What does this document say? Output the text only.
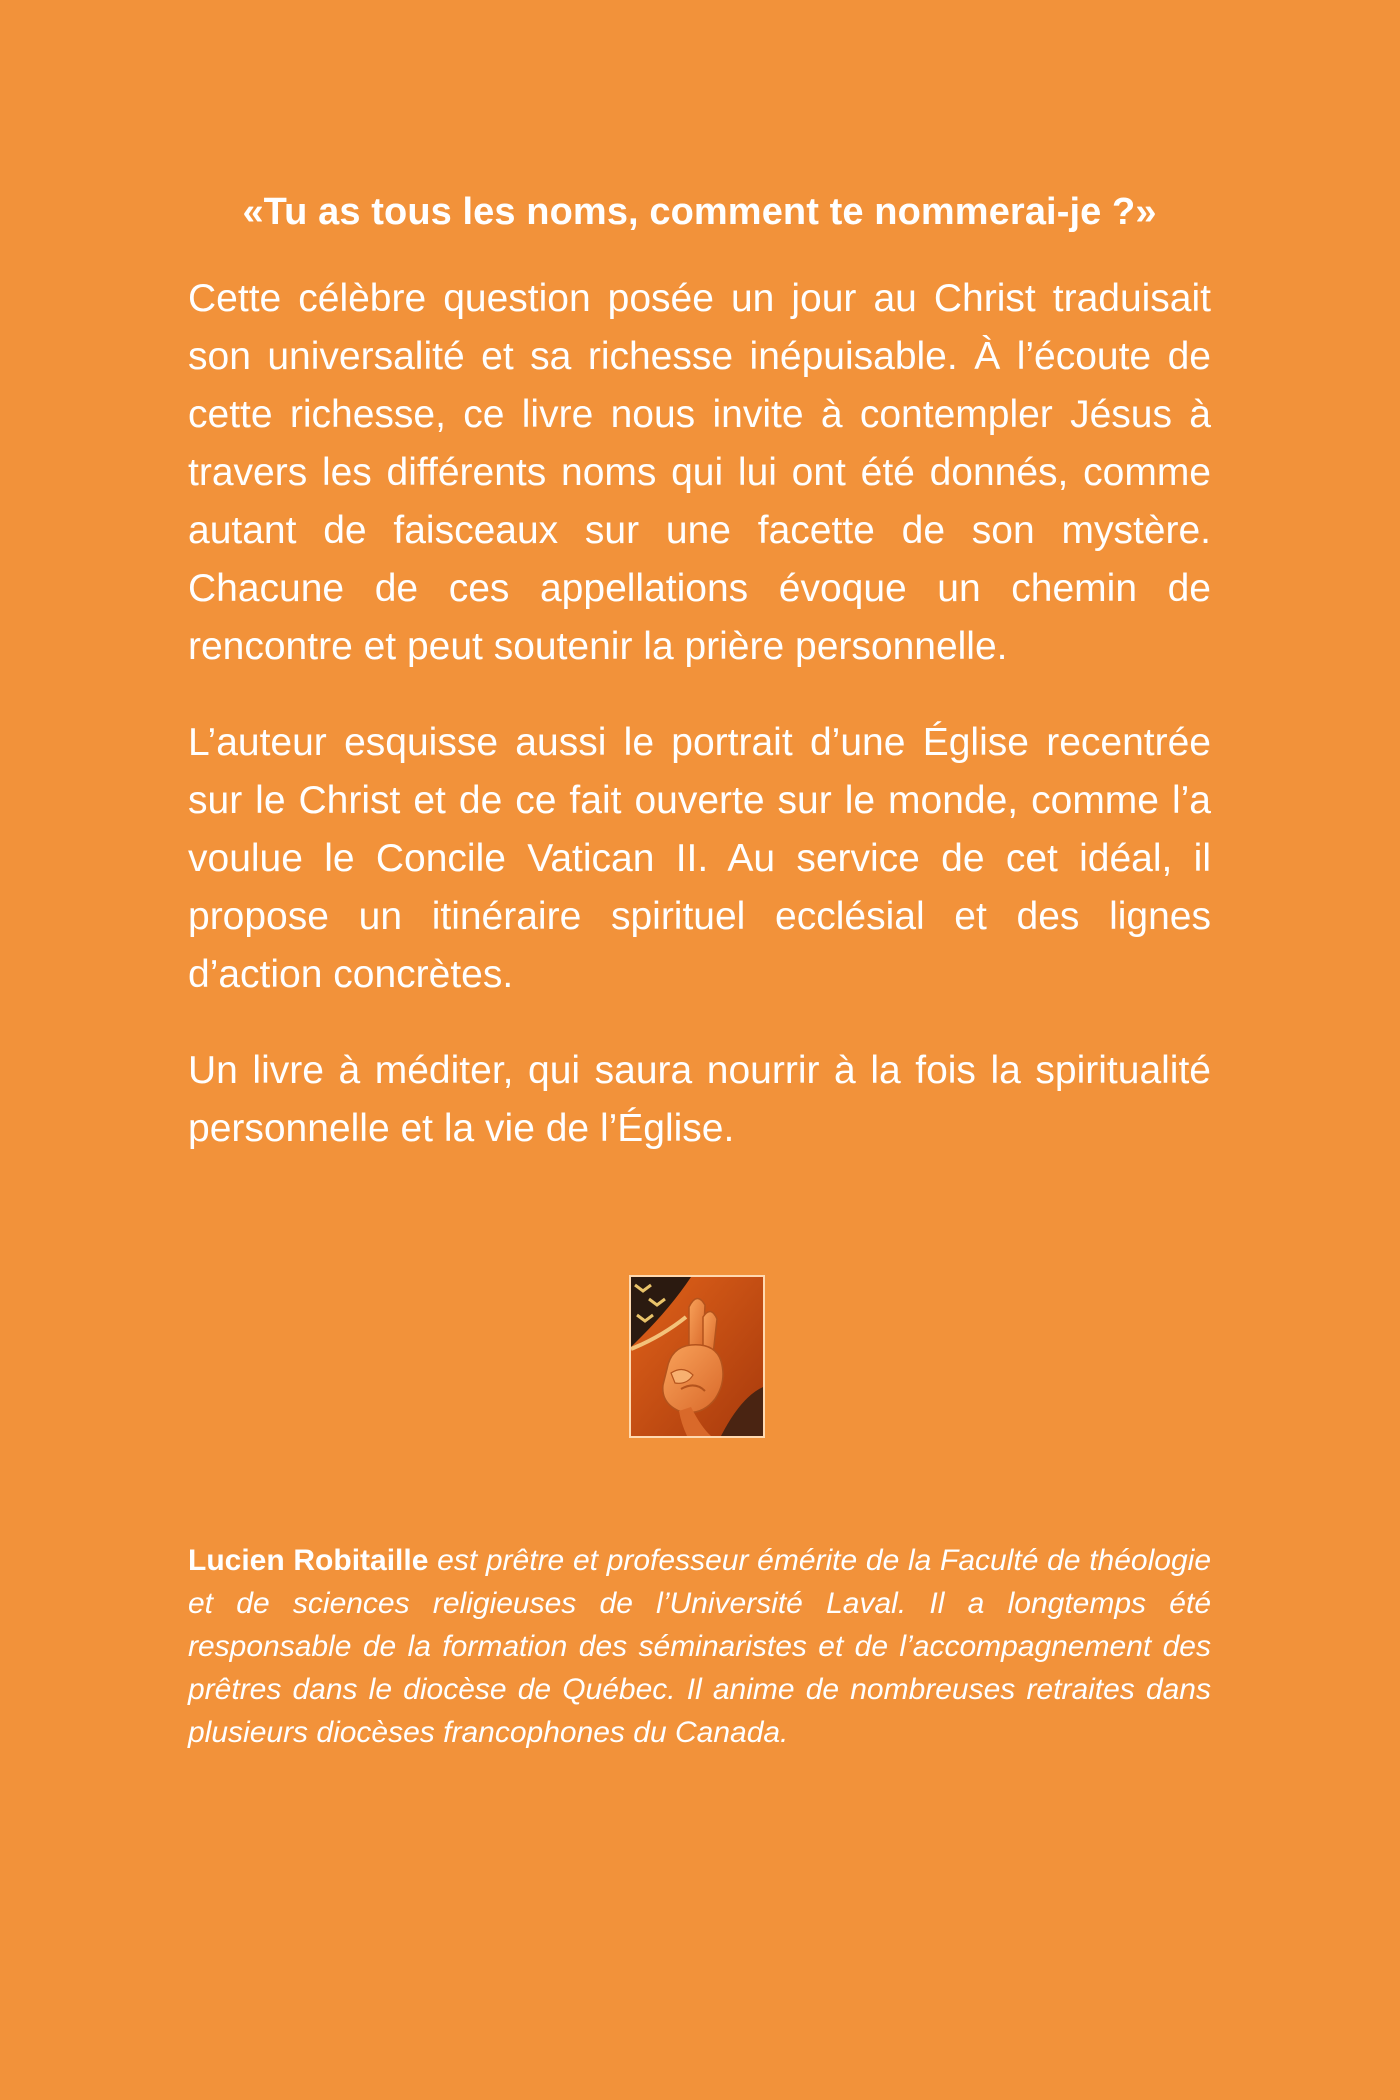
«Tu as tous les noms, comment te nommerai-je ?»

Cette célèbre question posée un jour au Christ traduisait son universalité et sa richesse inépuisable. À l’écoute de cette richesse, ce livre nous invite à contempler Jésus à travers les différents noms qui lui ont été donnés, comme autant de faisceaux sur une facette de son mystère. Chacune de ces appellations évoque un chemin de rencontre et peut soutenir la prière personnelle.

L’auteur esquisse aussi le portrait d’une Église recentrée sur le Christ et de ce fait ouverte sur le monde, comme l’a voulue le Concile Vatican II. Au service de cet idéal, il propose un itinéraire spirituel ecclésial et des lignes d’action concrètes.

Un livre à méditer, qui saura nourrir à la fois la spiritualité personnelle et la vie de l’Église.

Lucien Robitaille est prêtre et professeur émérite de la Faculté de théologie et de sciences religieuses de l’Université Laval. Il a longtemps été responsable de la formation des séminaristes et de l’accompagnement des prêtres dans le diocèse de Québec. Il anime de nombreuses retraites dans plusieurs diocèses francophones du Canada.
